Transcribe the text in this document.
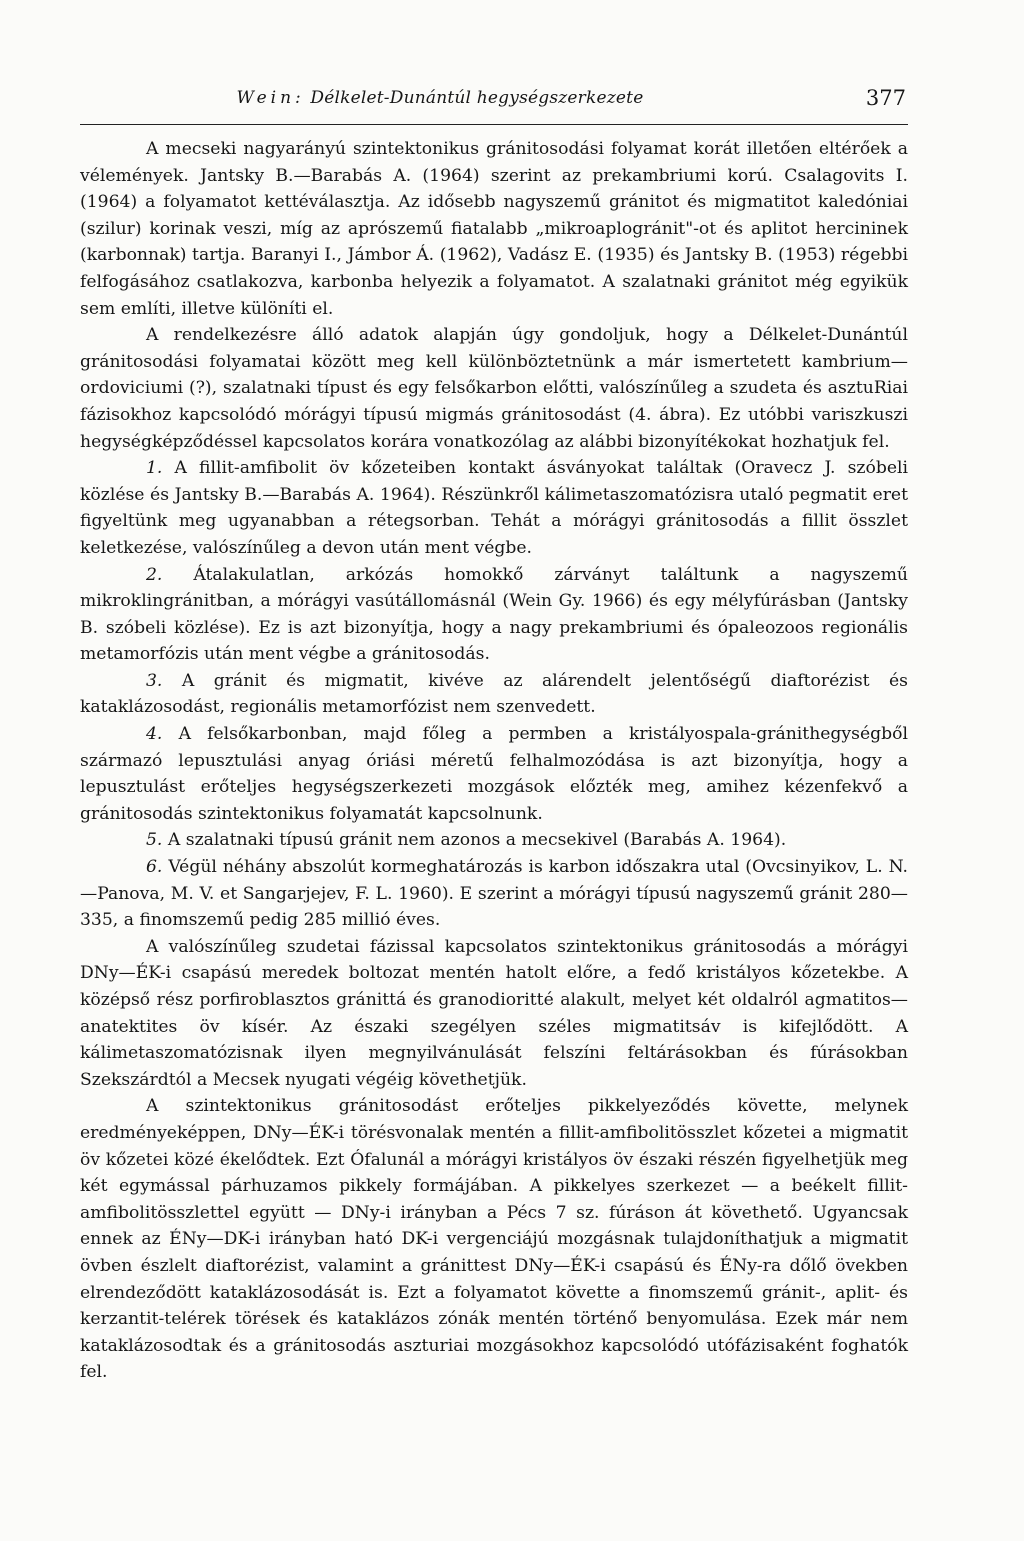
Wein: Délkelet-Dunántúl hegységszerkezete	377

A mecseki nagyarányú szintektonikus gránitosodási folyamat korát illetően eltérőek a vélemények. Jantsky B.—Barabás A. (1964) szerint az prekambriumi korú. Csalagovits I. (1964) a folyamatot kettéválasztja. Az idősebb nagyszemű gránitot és migmatitot kaledóniai (szilur) korinak veszi, míg az aprószemű fiatalabb „mikroaplogránit"-ot és aplitot hercininek (karbonnak) tartja. Baranyi I., Jámbor Á. (1962), Vadász E. (1935) és Jantsky B. (1953) régebbi felfogásához csatlakozva, karbonba helyezik a folyamatot. A szalatnaki gránitot még egyikük sem említi, illetve különíti el.

A rendelkezésre álló adatok alapján úgy gondoljuk, hogy a Délkelet-Dunántúl gránitosodási folyamatai között meg kell különböztetnünk a már ismertetett kambrium—ordoviciumi (?), szalatnaki típust és egy felsőkarbon előtti, valószínűleg a szudeta és asztuRiai fázisokhoz kapcsolódó mórágyi típusú migmás gránitosodást (4. ábra). Ez utóbbi variszkuszi hegységképződéssel kapcsolatos korára vonatkozólag az alábbi bizonyítékokat hozhatjuk fel.

1. A fillit-amfibolit öv kőzeteiben kontakt ásványokat találtak (Oravecz J. szóbeli közlése és Jantsky B.—Barabás A. 1964). Részünkről kálimetaszomatózisra utaló pegmatit eret figyeltünk meg ugyanabban a rétegsorban. Tehát a mórágyi gránitosodás a fillit összlet keletkezése, valószínűleg a devon után ment végbe.

2. Átalakulatlan, arkózás homokkő zárványt találtunk a nagyszemű mikroklingránitban, a mórágyi vasútállomásnál (Wein Gy. 1966) és egy mélyfúrásban (Jantsky B. szóbeli közlése). Ez is azt bizonyítja, hogy a nagy prekambriumi és ópaleozoos regionális metamorfózis után ment végbe a gránitosodás.

3. A gránit és migmatit, kivéve az alárendelt jelentőségű diaftorézist és kataklázosodást, regionális metamorfózist nem szenvedett.

4. A felsőkarbonban, majd főleg a permben a kristályospala-gránithegységből származó lepusztulási anyag óriási méretű felhalmozódása is azt bizonyítja, hogy a lepusztulást erőteljes hegységszerkezeti mozgások előzték meg, amihez kézenfekvő a gránitosodás szintektonikus folyamatát kapcsolnunk.

5. A szalatnaki típusú gránit nem azonos a mecsekivel (Barabás A. 1964).

6. Végül néhány abszolút kormeghatározás is karbon időszakra utal (Ovcsinyikov, L. N.—Panova, M. V. et Sangarjejev, F. L. 1960). E szerint a mórágyi típusú nagyszemű gránit 280—335, a finomszemű pedig 285 millió éves.

A valószínűleg szudetai fázissal kapcsolatos szintektonikus gránitosodás a mórágyi DNy—ÉK-i csapású meredek boltozat mentén hatolt előre, a fedő kristályos kőzetekbe. A középső rész porfiroblasztos gránittá és granodioritté alakult, melyet két oldalról agmatitos—anatektites öv kísér. Az északi szegélyen széles migmatitsáv is kifejlődött. A kálimetaszomatózisnak ilyen megnyilvánulását felszíni feltárásokban és fúrásokban Szekszárdtól a Mecsek nyugati végéig követhetjük.

A szintektonikus gránitosodást erőteljes pikkelyeződés követte, melynek eredményeképpen, DNy—ÉK-i törésvonalak mentén a fillit-amfibolitösszlet kőzetei a migmatit öv kőzetei közé ékelődtek. Ezt Ófalunál a mórágyi kristályos öv északi részén figyelhetjük meg két egymással párhuzamos pikkely formájában. A pikkelyes szerkezet — a beékelt fillit-amfibolitösszlettel együtt — DNy-i irányban a Pécs 7 sz. fúráson át követhető. Ugyancsak ennek az ÉNy—DK-i irányban ható DK-i vergenciájú mozgásnak tulajdoníthatjuk a migmatit övben észlelt diaftorézist, valamint a gránittest DNy—ÉK-i csapású és ÉNy-ra dőlő övekben elrendeződött kataklázosodását is. Ezt a folyamatot követte a finomszemű gránit-, aplit- és kerzantit-telérek törések és kataklázos zónák mentén történő benyomulása. Ezek már nem kataklázosodtak és a gránitosodás aszturiai mozgásokhoz kapcsolódó utófázisaként foghatók fel.
